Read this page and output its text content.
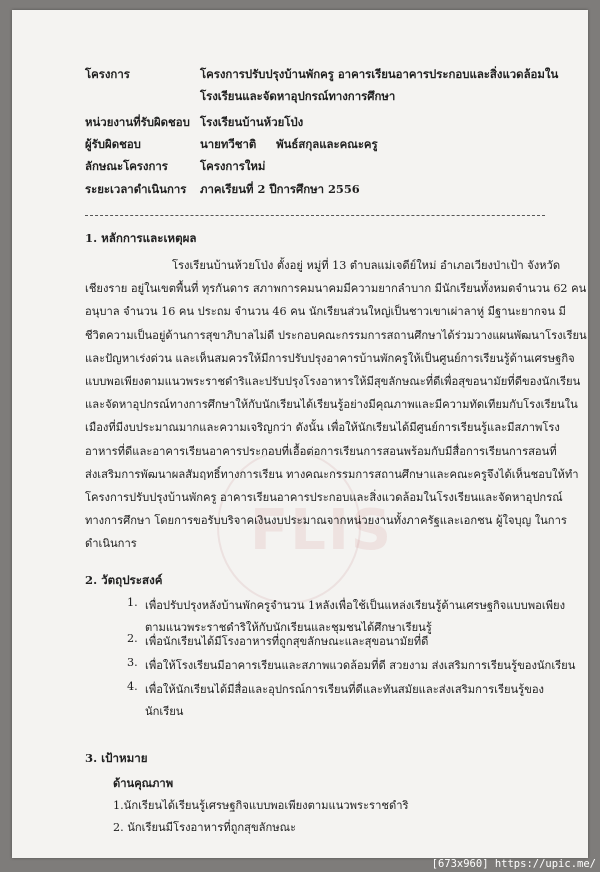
FLIS
โครงการ	โครงการปรับปรุงบ้านพักครู อาคารเรียนอาคารประกอบและสิ่งแวดล้อมใน
โรงเรียนและจัดหาอุปกรณ์ทางการศึกษา
หน่วยงานที่รับผิดชอบ โรงเรียนบ้านห้วยโป่ง
ผู้รับผิดชอบ	นายทวีชาติ     พันธ์สกุลและคณะครู
ลักษณะโครงการ	โครงการใหม่
ระยะเวลาดำเนินการ ภาคเรียนที่ 2 ปีการศึกษา 2556
1. หลักการและเหตุผล
โรงเรียนบ้านห้วยโป่ง ตั้งอยู่ หมู่ที่ 13 ตำบลแม่เจดีย์ใหม่ อำเภอเวียงป่าเป้า จังหวัด
เชียงราย อยู่ในเขตพื้นที่ ทุรกันดาร สภาพการคมนาคมมีความยากลำบาก มีนักเรียนทั้งหมดจำนวน 62 คน
อนุบาล จำนวน 16 คน ประถม จำนวน 46 คน นักเรียนส่วนใหญ่เป็นชาวเขาเผ่าลาหู่ มีฐานะยากจน มี
ชีวิตความเป็นอยู่ด้านการสุขาภิบาลไม่ดี ประกอบคณะกรรมการสถานศึกษาได้ร่วมวางแผนพัฒนาโรงเรียน
และปัญหาเร่งด่วน และเห็นสมควรให้มีการปรับปรุงอาคารบ้านพักครูให้เป็นศูนย์การเรียนรู้ด้านเศรษฐกิจ
แบบพอเพียงตามแนวพระราชดำริและปรับปรุงโรงอาหารให้มีสุขลักษณะที่ดีเพื่อสุขอนามัยที่ดีของนักเรียน
และจัดหาอุปกรณ์ทางการศึกษาให้กับนักเรียนได้เรียนรู้อย่างมีคุณภาพและมีความทัดเทียมกับโรงเรียนใน
เมืองที่มีงบประมาณมากและความเจริญกว่า ดังนั้น เพื่อให้นักเรียนได้มีศูนย์การเรียนรู้และมีสภาพโรง
อาหารที่ดีและอาคารเรียนอาคารประกอบที่เอื้อต่อการเรียนการสอนพร้อมกับมีสื่อการเรียนการสอนที่
ส่งเสริมการพัฒนาผลสัมฤทธิ์ทางการเรียน ทางคณะกรรมการสถานศึกษาและคณะครูจึงได้เห็นชอบให้ทำ
โครงการปรับปรุงบ้านพักครู อาคารเรียนอาคารประกอบและสิ่งแวดล้อมในโรงเรียนและจัดหาอุปกรณ์
ทางการศึกษา โดยการขอรับบริจาคเงินงบประมาณจากหน่วยงานทั้งภาครัฐและเอกชน ผู้ใจบุญ ในการ
ดำเนินการ
2. วัตถุประสงค์
1. เพื่อปรับปรุงหลังบ้านพักครูจำนวน 1หลังเพื่อใช้เป็นแหล่งเรียนรู้ด้านเศรษฐกิจแบบพอเพียง
ตามแนวพระราชดำริให้กับนักเรียนและชุมชนได้ศึกษาเรียนรู้
2. เพื่อนักเรียนได้มีโรงอาหารที่ถูกสุขลักษณะและสุขอนามัยที่ดี
3. เพื่อให้โรงเรียนมีอาคารเรียนและสภาพแวดล้อมที่ดี สวยงาม ส่งเสริมการเรียนรู้ของนักเรียน
4. เพื่อให้นักเรียนได้มีสื่อและอุปกรณ์การเรียนที่ดีและทันสมัยและส่งเสริมการเรียนรู้ของ
นักเรียน
3. เป้าหมาย
ด้านคุณภาพ
1.นักเรียนได้เรียนรู้เศรษฐกิจแบบพอเพียงตามแนวพระราชดำริ
2. นักเรียนมีโรงอาหารที่ถูกสุขลักษณะ
[673x960] https://upic.me/
